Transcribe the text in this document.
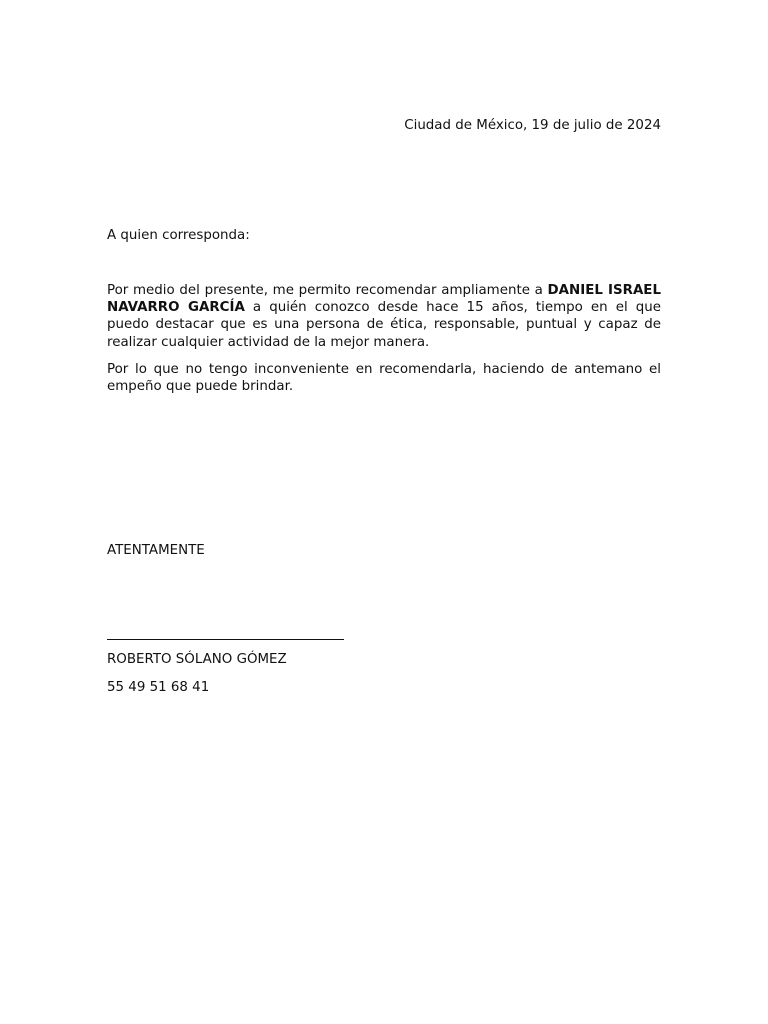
Ciudad de México, 19 de julio de 2024
A quien corresponda:

Por medio del presente, me permito recomendar ampliamente a DANIEL ISRAEL NAVARRO GARCÍA a quién conozco desde hace 15 años, tiempo en el que puedo destacar que es una persona de ética, responsable, puntual y capaz de realizar cualquier actividad de la mejor manera.

Por lo que no tengo inconveniente en recomendarla, haciendo de antemano el empeño que puede brindar.

ATENTAMENTE
ROBERTO SÓLANO GÓMEZ
55 49 51 68 41
